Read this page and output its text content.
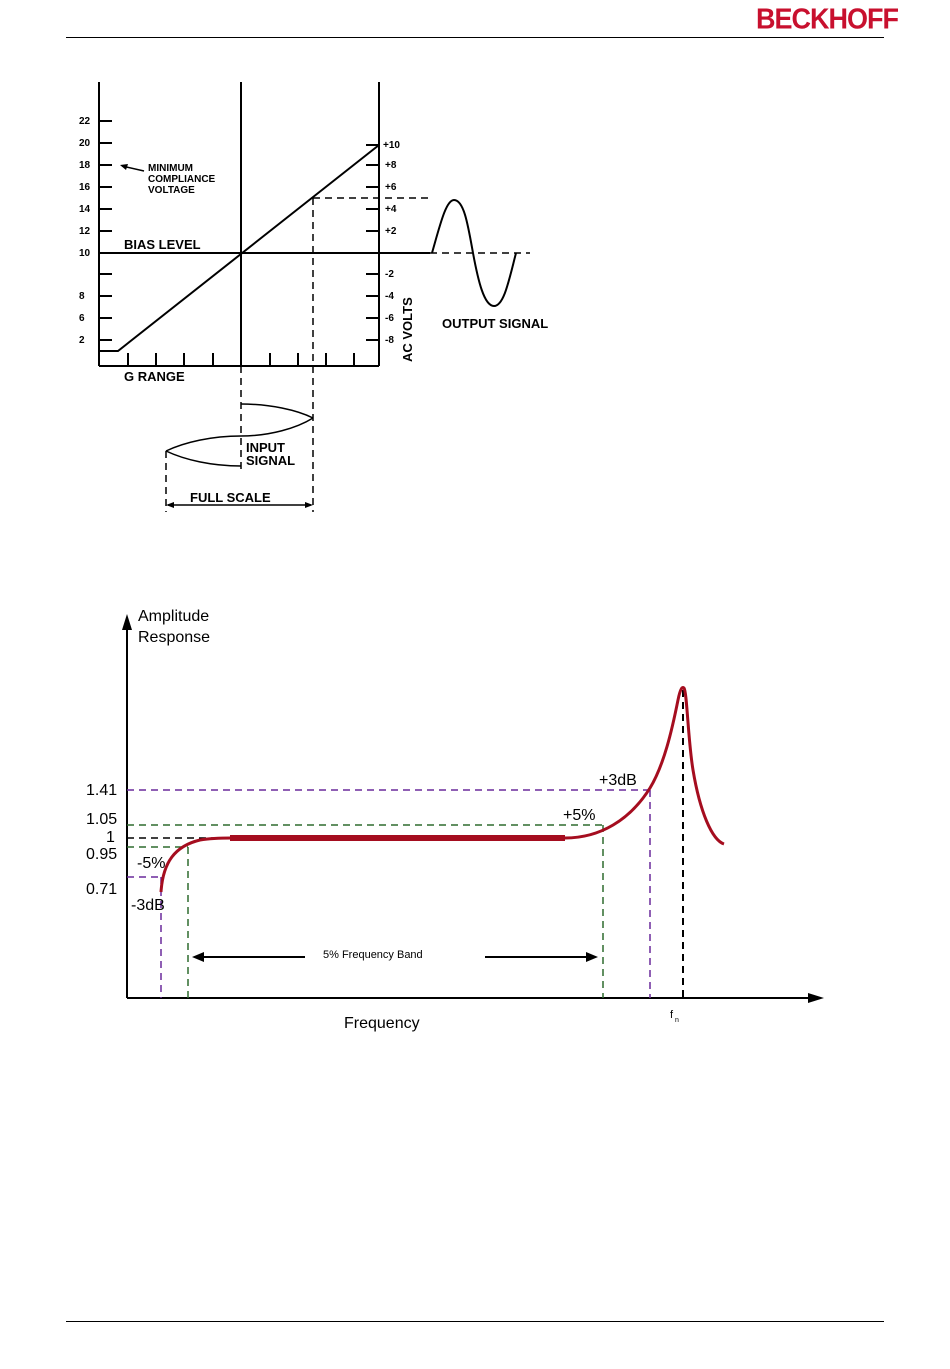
BECKHOFF
22
20
18
16
14
12
10
8
6
2
+10
+8
+6
+4
+2
-2
-4
-6
-8
MINIMUM
COMPLIANCE
VOLTAGE
BIAS LEVEL
G RANGE
AC VOLTS OUTPUT SIGNAL
INPUT
SIGNAL
FULL SCALE
Amplitude
Response
Frequency
1.41
1.05
1
0.95
0.71
+3dB
+5%
-5%
-3dB
5% Frequency Band
f n
